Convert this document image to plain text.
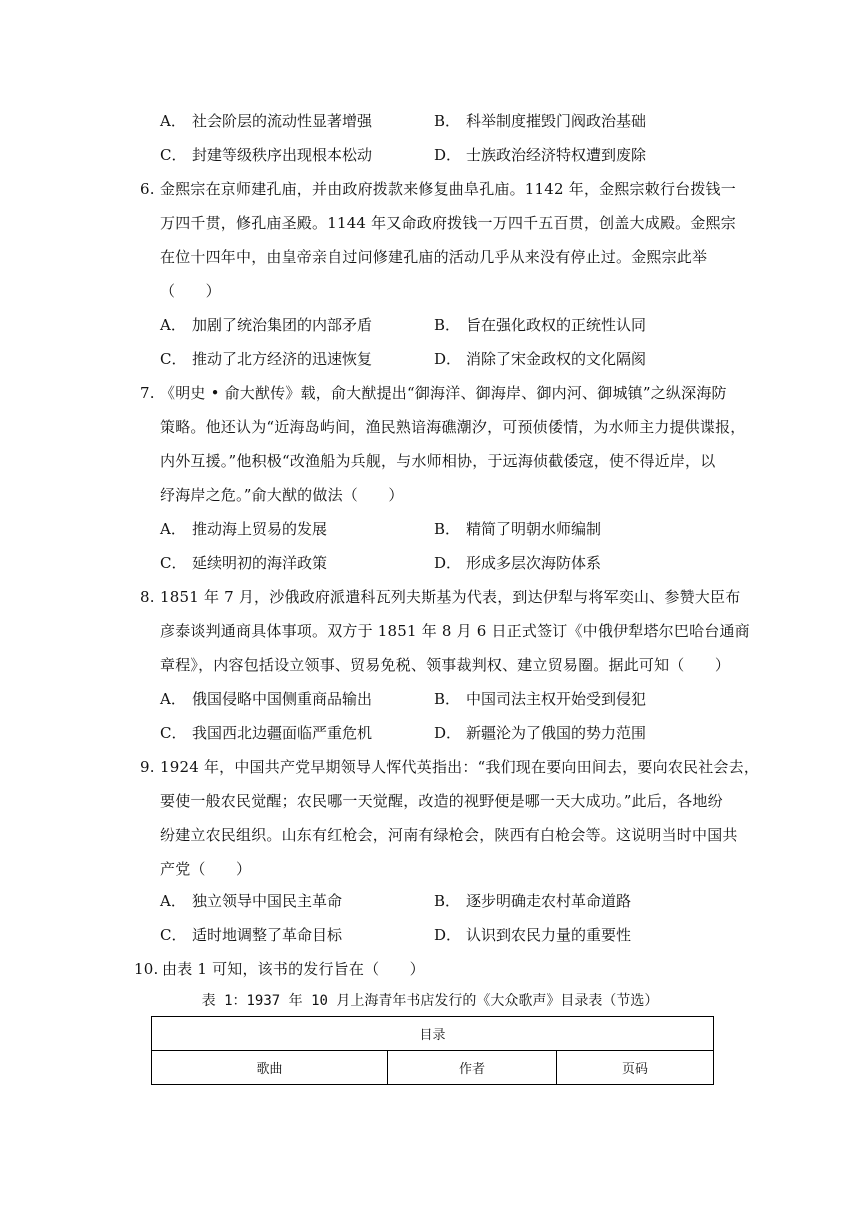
A． 社会阶层的流动性显著增强	B． 科举制度摧毁门阀政治基础
C． 封建等级秩序出现根本松动	D． 士族政治经济特权遭到废除
6. 金熙宗在京师建孔庙，并由政府拨款来修复曲阜孔庙。1142 年，金熙宗敕行台拨钱一
万四千贯，修孔庙圣殿。1144 年又命政府拨钱一万四千五百贯，创盖大成殿。金熙宗
在位十四年中，由皇帝亲自过问修建孔庙的活动几乎从来没有停止过。金熙宗此举
（　　）
A． 加剧了统治集团的内部矛盾	B． 旨在强化政权的正统性认同
C． 推动了北方经济的迅速恢复	D． 消除了宋金政权的文化隔阂
7. 《明史 • 俞大猷传》载，俞大猷提出“御海洋、御海岸、御内河、御城镇”之纵深海防
策略。他还认为“近海岛屿间，渔民熟谙海礁潮汐，可预侦倭情，为水师主力提供谍报，
内外互援。”他积极“改渔船为兵舰，与水师相协，于远海侦截倭寇，使不得近岸，以
纾海岸之危。”俞大猷的做法（　　）
A． 推动海上贸易的发展	B． 精简了明朝水师编制
C． 延续明初的海洋政策	D． 形成多层次海防体系
8. 1851 年 7 月，沙俄政府派遣科瓦列夫斯基为代表，到达伊犁与将军奕山、参赞大臣布
彦泰谈判通商具体事项。双方于 1851 年 8 月 6 日正式签订《中俄伊犁塔尔巴哈台通商
章程》，内容包括设立领事、贸易免税、领事裁判权、建立贸易圈。据此可知（　　）
A． 俄国侵略中国侧重商品输出	B． 中国司法主权开始受到侵犯
C． 我国西北边疆面临严重危机	D． 新疆沦为了俄国的势力范围
9. 1924 年，中国共产党早期领导人恽代英指出：“我们现在要向田间去，要向农民社会去，
要使一般农民觉醒；农民哪一天觉醒，改造的视野便是哪一天大成功。”此后，各地纷
纷建立农民组织。山东有红枪会，河南有绿枪会，陕西有白枪会等。这说明当时中国共
产党（　　）
A． 独立领导中国民主革命	B． 逐步明确走农村革命道路
C． 适时地调整了革命目标	D． 认识到农民力量的重要性
10. 由表 1 可知，该书的发行旨在（　　）
表 1：1937 年 10 月上海青年书店发行的《大众歌声》目录表（节选）
目录
歌曲	作者	页码
